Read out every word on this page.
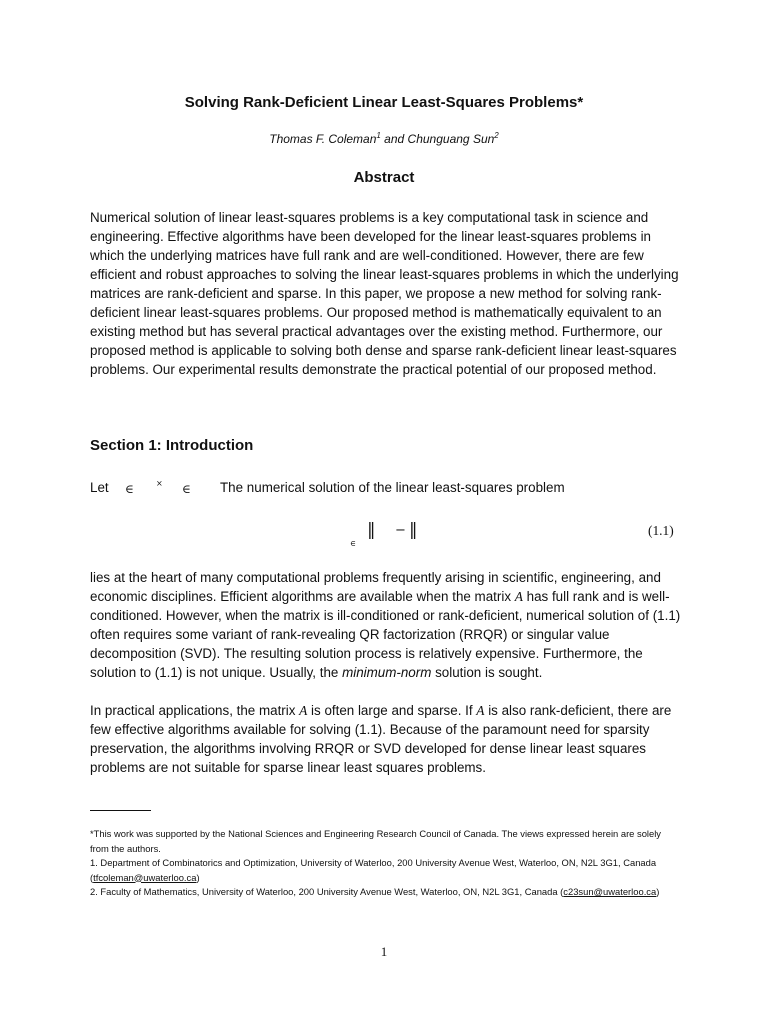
Solving Rank-Deficient Linear Least-Squares Problems*
Thomas F. Coleman$^1$ and Chunguang Sun$^2$
Abstract

Numerical solution of linear least-squares problems is a key computational task in science and engineering. Effective algorithms have been developed for the linear least-squares problems in which the underlying matrices have full rank and are well-conditioned. However, there are few efficient and robust approaches to solving the linear least-squares problems in which the underlying matrices are rank-deficient and sparse. In this paper, we propose a new method for solving rank-deficient linear least-squares problems. Our proposed method is mathematically equivalent to an existing method but has several practical advantages over the existing method. Furthermore, our proposed method is applicable to solving both dense and sparse rank-deficient linear least-squares problems. Our experimental results demonstrate the practical potential of our proposed method.

Section 1: Introduction
Let ∈	× ∈ The numerical solution of the linear least-squares problem
∈
‖ − ‖	(1.1)

lies at the heart of many computational problems frequently arising in scientific, engineering, and economic disciplines. Efficient algorithms are available when the matrix A has full rank and is well-conditioned. However, when the matrix is ill-conditioned or rank-deficient, numerical solution of (1.1) often requires some variant of rank-revealing QR factorization (RRQR) or singular value decomposition (SVD). The resulting solution process is relatively expensive. Furthermore, the solution to (1.1) is not unique. Usually, the minimum-norm solution is sought.

In practical applications, the matrix A is often large and sparse. If A is also rank-deficient, there are few effective algorithms available for solving (1.1). Because of the paramount need for sparsity preservation, the algorithms involving RRQR or SVD developed for dense linear least squares problems are not suitable for sparse linear least squares problems.

*This work was supported by the National Sciences and Engineering Research Council of Canada. The views expressed herein are solely from the authors.

1. Department of Combinatorics and Optimization, University of Waterloo, 200 University Avenue West, Waterloo, ON, N2L 3G1, Canada (tfcoleman@uwaterloo.ca)

2. Faculty of Mathematics, University of Waterloo, 200 University Avenue West, Waterloo, ON, N2L 3G1, Canada (c23sun@uwaterloo.ca)

1
